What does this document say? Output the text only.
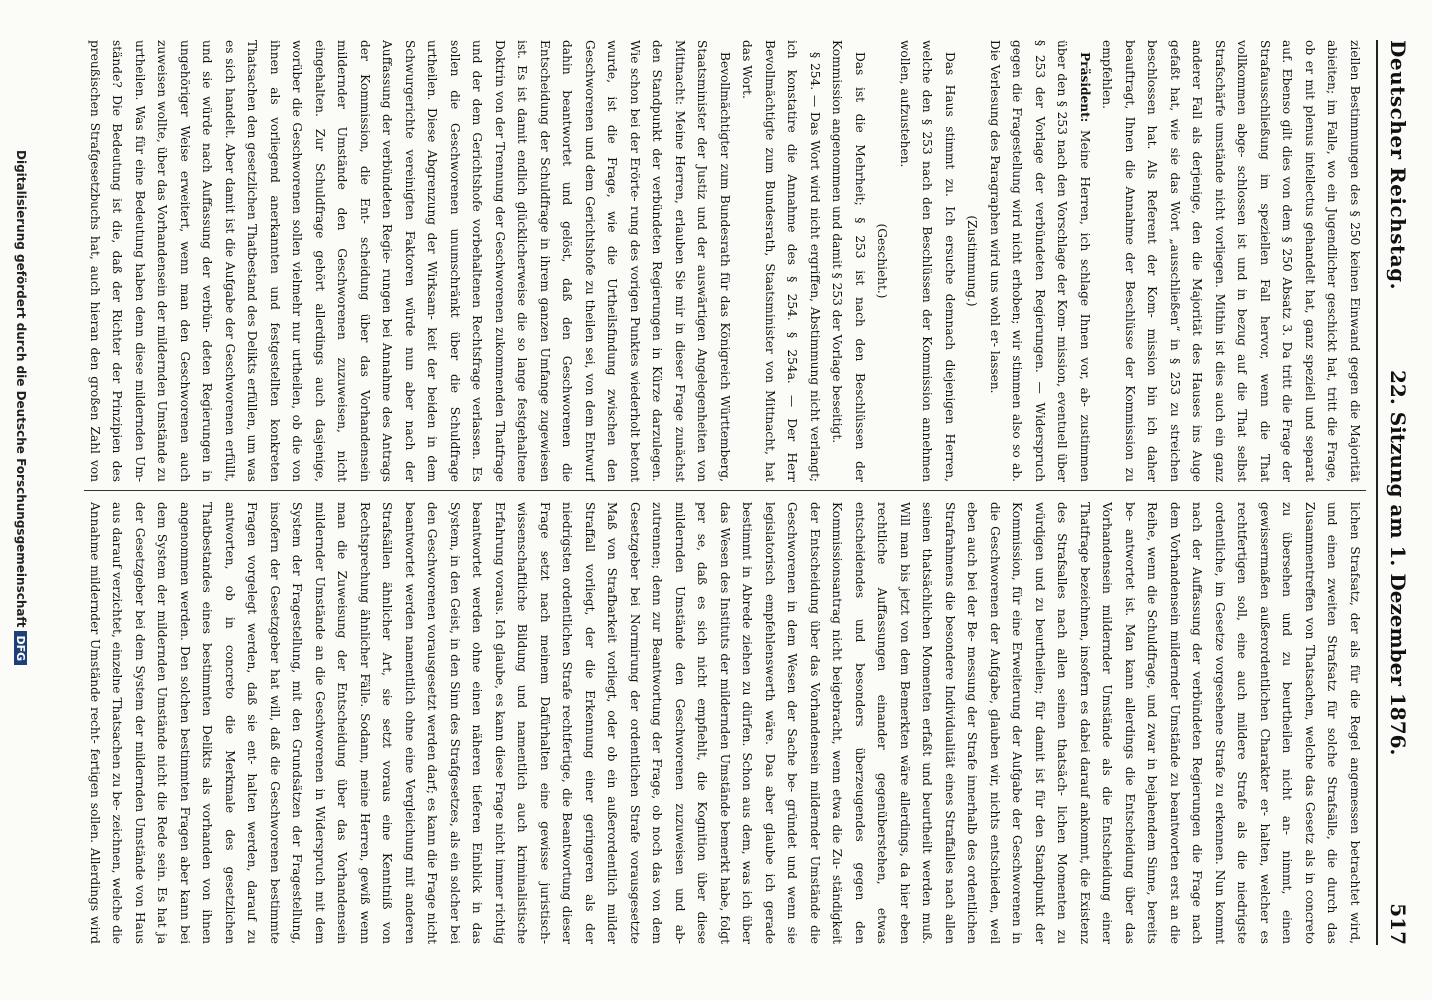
Deutscher Reichstag.
22. Sitzung am 1. Dezember 1876.
517

ziellen Bestimmungen des § 250 keinen Einwand gegen die Majorität abieiten; im Falle, wo ein Jugendlicher geschickt hat, tritt die Frage, ob er mit plenus intellectus gehandelt hat, ganz speziell und separat auf. Ebenso gilt dies von dem § 250 Absatz 3. Da tritt die Frage der Strafausschließung im speziellen Fall hervor, wenn die That vollkommen abge- schlossen ist und in bezug auf die That selbst Strafschärfe umstände nicht vorliegen. Mithin ist dies auch ein ganz anderer Fall als derjenige, den die Majorität des Hauses ins Auge gefaßt hat, wie sie das Wort „ausschließen“ in § 253 zu streichen beschlossen hat. Als Referent der Kom- mission bin ich daher beauftragt, Ihnen die Annahme der Beschlüsse der Kommission zu empfehlen.

Präsident: Meine Herren, ich schlage Ihnen vor, ab- zustimmen über den § 253 nach den Vorschlage der Kom- mission, eventuell über § 253 der Vorlage der verbündeten Regierungen. — Widerspruch gegen die Fragestellung wird nicht erhoben; wir stimmen also so ab. Die Verlesung des Paragraphen wird uns wohl er- lassen.

(Zustimmung.)

Das Haus stimmt zu. Ich ersuche demnach diejenigen Herren, welche den § 253 nach den Beschlüssen der Kommission annehmen wollen, aufzustehen.

(Geschieht.)

Das ist die Mehrheit; § 253 ist nach den Beschlüssen der Kommission angenommen und damit § 253 der Vorlage beseitigt.

§ 254. — Das Wort wird nicht ergriffen, Abstimmung nicht verlangt; ich konstatire die Annahme des § 254. § 254a. — Der Herr Bevollmächtigte zum Bundesrath, Staatsminister von Mittnacht, hat das Wort.

Bevollmächtigter zum Bundesrath für das Königreich Württemberg, Staatsminister der Justiz und der auswärtigen Angelegenheiten von Mittnacht: Meine Herren, erlauben Sie mir in dieser Frage zunächst den Standpunkt der verbündeten Regierungen in Kürze darzulegen. Wie schon bei der Erörte- rung des vorigen Punktes wiederholt betont wurde, ist die Frage, wie die Urtheilsfindung zwischen den Geschworenen und dem Gerichtshofe zu theilen sei, von dem Entwurf dahin beantwortet und gelöst, daß den Geschworenen die Entscheidung der Schuldfrage in ihrem ganzen Umfange zugewiesen ist. Es ist damit endlich glücklicherweise die so lange festgehaltene Doktrin von der Trennung der Geschworenen zukommenden Thatfrage und der dem Gerichtshofe vorbehaltenen Rechtsfrage verlassen. Es sollen die Geschworenen unumschränkt über die Schuldfrage urtheilen. Diese Abgrenzung der Wirksam- keit der beiden in dem Schwurgerichte vereinigten Faktoren würde nun aber nach der Auffassung der verbündeten Regie- rungen bei Annahme des Antrags der Kommission, die Ent- scheidung über das Vorhandensein mildernder Umstände den Geschworenen zuzuweisen, nicht eingehalten. Zur Schuldfrage gehört allerdings auch dasjenige, worüber die Geschworenen sollen vielmehr nur urtheilen, ob die von ihnen als vorliegend anerkannten und festgestellten konkreten Thatsachen den gesetzlichen Thatbestand des Delikts erfüllen, um was es sich handelt. Aber damit ist die Aufgabe der Geschworenen erfüllt, und sie würde nach Auffassung der verbün- deten Regierungen in ungehöriger Weise erweitert, wenn man den Geschworenen auch zuweisen wollte, über das Vorhandensein der mildernden Umstände zu urtheilen. Was für eine Bedeutung haben denn diese mildernden Um- stände? Die Bedeutung ist die, daß der Richter der Prinzipien des preußischen Strafgesetzbuchs hat, auch hieran den großen Zahl von

lichen Strafsatz, der als für die Regel angemessen betrachtet wird, und einen zweiten Strafsatz für solche Strafsälle, die durch das Zusammentreffen von Thatsachen, welche das Gesetz als in concreto zu übersehen und zu beurtheilen nicht an- nimmt, einen gewissermaßen außerordentlichen Charakter er- halten, welcher es rechtfertigen soll, eine auch mildere Strafe als die niedrigste ordentliche, im Gesetze vorgesehene Strafe zu erkennen. Nun kommt nach der Auffassung der verbündeten Regierungen die Frage nach dem Vorhandensein mildernder Umstände zu beantworten erst an die Reihe, wenn die Schuldfrage, und zwar in bejahendem Sinne, bereits be- antwortet ist. Man kann allerdings die Entscheidung über das Vorhandensein mildernder Umstände als die Entscheidung einer Thatfrage bezeichnen, insofern es dabei darauf ankommt, die Existenz des Strafsalles nach allen seinen thatsäch- lichen Momenten zu würdigen und zu beurtheilen; für damit ist für den Standpunkt der Kommission, für eine Erweiterung der Aufgabe der Geschworenen in die Geschworenen der Aufgabe, glauben wir, nichts entschieden, weil eben auch bei der Be- messung der Strafe innerhalb des ordentlichen Strafrahmens die besondere Individualität eines Straffalles nach allen seinen thatsächlichen Momenten erfaßt und beurtheilt werden muß. Will man bis jetzt von dem Bemerkten wäre allerdings, da hier eben rechtliche Auffassungen einander gegenüberstehen, etwas entscheidendes und besonders überzeugendes gegen den Kommissionsantrag nicht beigebracht, wenn etwa die Zu- ständigkeit der Entscheidung über das Vorhandensein mildernder Umstände die Geschworenen in dem Wesen der Sache be- gründet und wenn sie legislatorisch empfehlenswerth wäre. Das aber glaube ich gerade bestimmt in Abrede ziehen zu dürfen. Schon aus dem, was ich über das Wesen des Instituts der mildernden Umstände bemerkt habe, folgt per se, daß es sich nicht empfiehlt, die Kognition über diese mildernden Umstände den Geschworenen zuzuweisen und ab- zutrennen; denn zur Beantwortung der Frage, ob noch das von dem Gesetzgeber bei Normirung der ordentlichen Strafe vorausgesetzte Maß von Strafbarkeit vorliegt, oder ob ein außerordentlich milder Straffall vorliegt, der die Erkennung einer geringeren als der niedrigsten ordentlichen Strafe rechtfertige, die Beantwortung dieser Frage setzt nach meinem Dafürhalten eine gewisse juristisch-wissenschaftliche Bildung und namentlich auch kriminalistische Erfahrung voraus. Ich glaube, es kann diese Frage nicht immer richtig beantwortet werden ohne einen näheren tieferen Einblick in das System, in den Geist, in den Sinn des Strafgesetzes, als ein solcher bei den Geschworenen vorausgesetzt werden darf; es kann die Frage nicht beantwortet werden namentlich ohne eine Vergleichung mit anderen Strafsällen ähnlicher Art, sie setzt voraus eine Kenntniß von Rechtsprechung ähnlicher Fälle. Sodann, meine Herren, gewiß wenn man die Zuweisung der Entscheidung über das Vorhandensein mildernder Umstände an die Geschworenen in Widerspruch mit dem System der Fragestellung, mit den Grundsätzen der Fragestellung, insofern der Gesetzgeber hat will, daß die Geschworenen bestimmte Fragen vorgelegt werden, daß sie ent- halten werden, darauf zu antworten, ob in concreto die Merkmale des gesetzlichen Thatbestandes eines bestimmten Delikts als vorhanden von ihnen angenommen werden. Den solchen bestimmten Fragen aber kann bei dem System der mildernden Umstände nicht die Rede sein. Es hat ja der Gesetzgeber bei dem System der mildernden Umstände von Haus aus darauf verzichtet, einzelne Thatsachen zu be- zeichnen, welche die Annahme mildernder Umstände recht- fertigen sollen. Allerdings wird

Digitalisierung gefördert durch die Deutsche ForschungsgemeinschaftDFG
